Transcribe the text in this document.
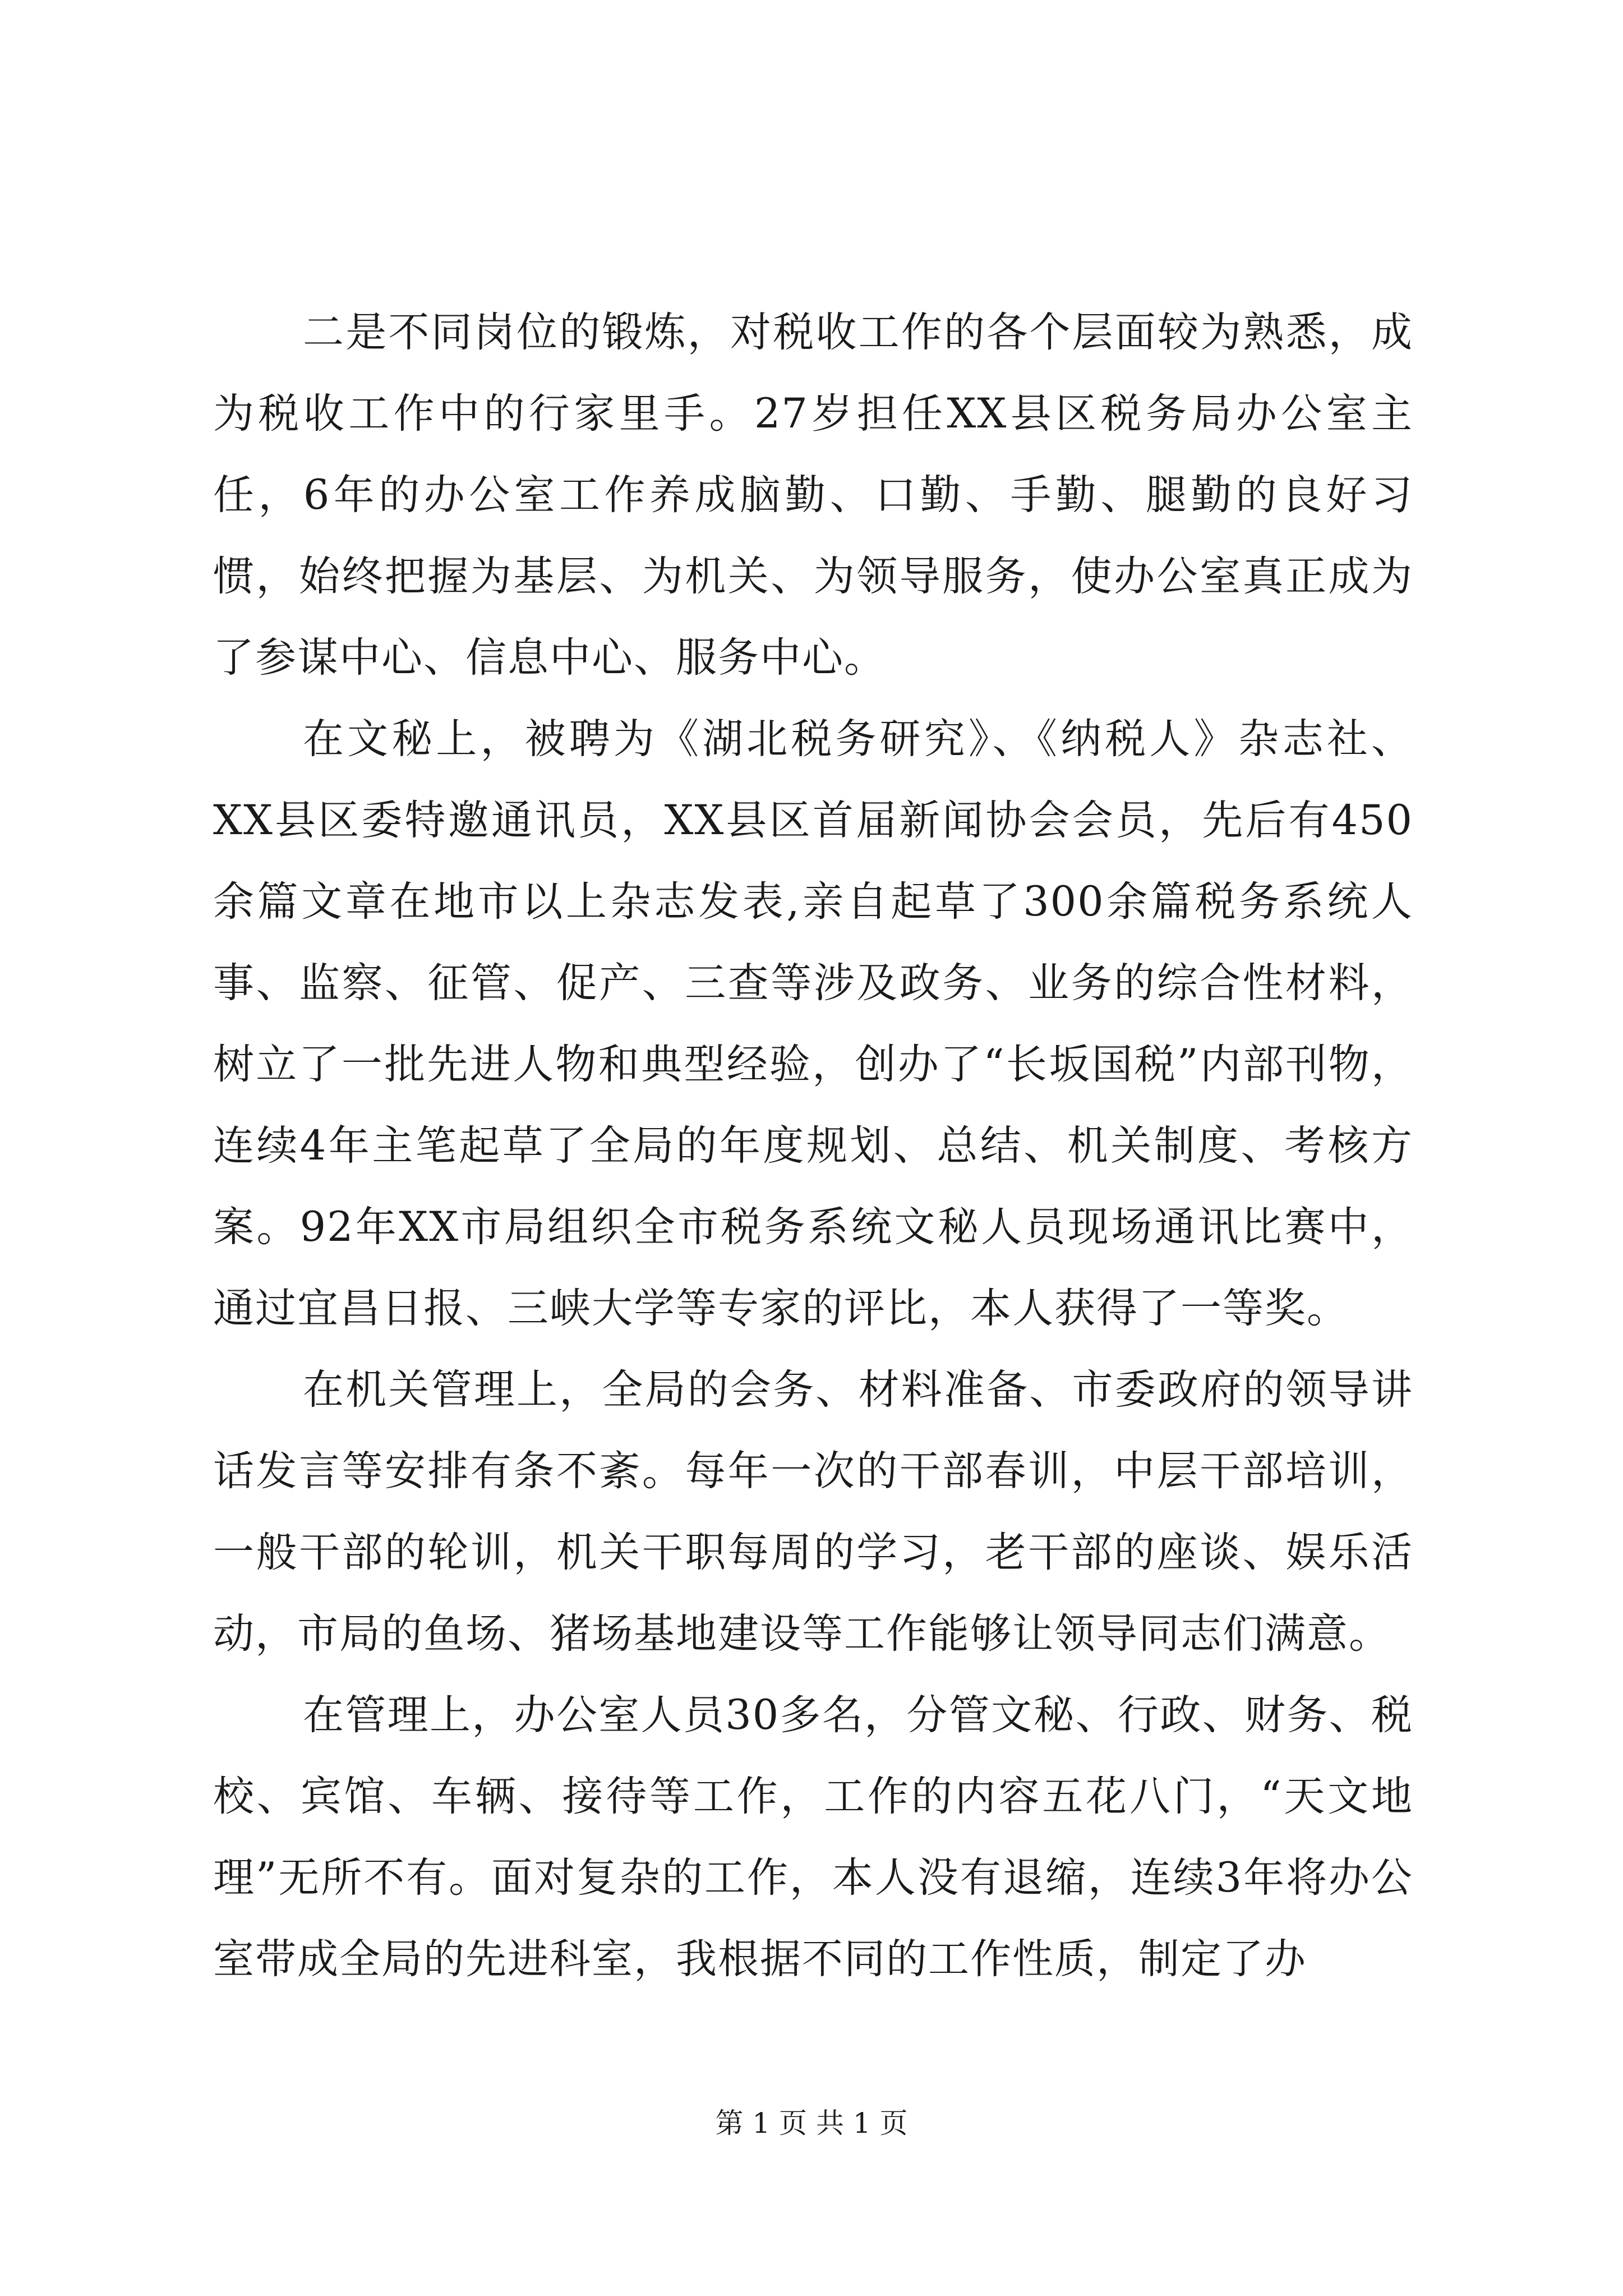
二是不同岗位的锻炼，对税收工作的各个层面较为熟悉，成为税收工作中的行家里手。27岁担任XX县区税务局办公室主任，6年的办公室工作养成脑勤、口勤、手勤、腿勤的良好习惯，始终把握为基层、为机关、为领导服务，使办公室真正成为了参谋中心、信息中心、服务中心。

在文秘上，被聘为《湖北税务研究》、《纳税人》杂志社、XX县区委特邀通讯员，XX县区首届新闻协会会员，先后有450余篇文章在地市以上杂志发表,亲自起草了300余篇税务系统人事、监察、征管、促产、三查等涉及政务、业务的综合性材料，树立了一批先进人物和典型经验，创办了“长坂国税”内部刊物，连续4年主笔起草了全局的年度规划、总结、机关制度、考核方案。92年XX市局组织全市税务系统文秘人员现场通讯比赛中，通过宜昌日报、三峡大学等专家的评比，本人获得了一等奖。

在机关管理上，全局的会务、材料准备、市委政府的领导讲话发言等安排有条不紊。每年一次的干部春训，中层干部培训，一般干部的轮训，机关干职每周的学习，老干部的座谈、娱乐活动，市局的鱼场、猪场基地建设等工作能够让领导同志们满意。

在管理上，办公室人员30多名，分管文秘、行政、财务、税校、宾馆、车辆、接待等工作，工作的内容五花八门，“天文地理”无所不有。面对复杂的工作，本人没有退缩，连续3年将办公室带成全局的先进科室，我根据不同的工作性质，制定了办

第 1 页 共 1 页
